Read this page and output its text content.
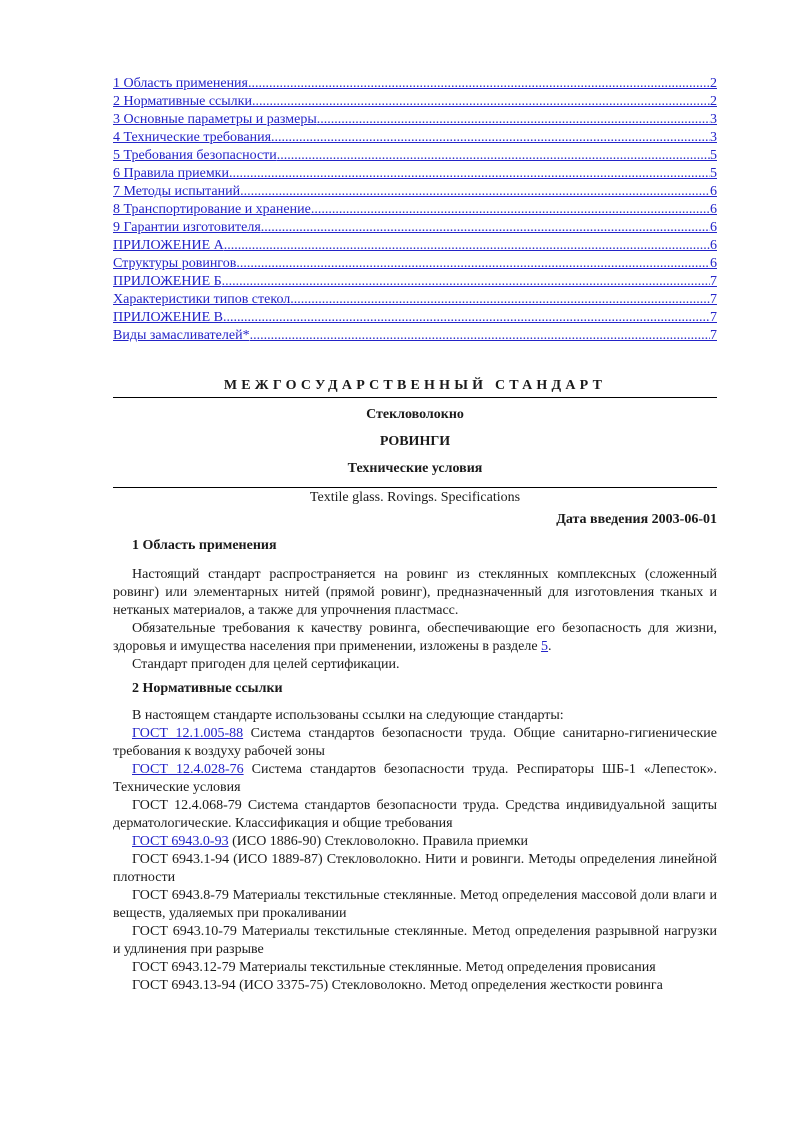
1 Область применения .....	2
2 Нормативные ссылки .....	2
3 Основные параметры и размеры .....	3
4 Технические требования .....	3
5 Требования безопасности .....	5
6 Правила приемки .....	5
7 Методы испытаний .....	6
8 Транспортирование и хранение .....	6
9 Гарантии изготовителя .....	6
ПРИЛОЖЕНИЕ А .....	6
Структуры ровингов .....	6
ПРИЛОЖЕНИЕ Б .....	7
Характеристики типов стекол .....	7
ПРИЛОЖЕНИЕ В .....	7
Виды замасливателей* .....	7
МЕЖГОСУДАРСТВЕННЫЙ СТАНДАРТ
Стекловолокно
РОВИНГИ
Технические условия
Textile glass. Rovings. Specifications
Дата введения 2003-06-01
1 Область применения

Настоящий стандарт распространяется на ровинг из стеклянных комплексных (сложенный ровинг) или элементарных нитей (прямой ровинг), предназначенный для изготовления тканых и нетканых материалов, а также для упрочнения пластмасс.

Обязательные требования к качеству ровинга, обеспечивающие его безопасность для жизни, здоровья и имущества населения при применении, изложены в разделе 5.

Стандарт пригоден для целей сертификации.

2 Нормативные ссылки

В настоящем стандарте использованы ссылки на следующие стандарты:

ГОСТ 12.1.005-88 Система стандартов безопасности труда. Общие санитарно-гигиенические требования к воздуху рабочей зоны

ГОСТ 12.4.028-76 Система стандартов безопасности труда. Респираторы ШБ-1 «Лепесток». Технические условия

ГОСТ 12.4.068-79 Система стандартов безопасности труда. Средства индивидуальной защиты дерматологические. Классификация и общие требования

ГОСТ 6943.0-93 (ИСО 1886-90) Стекловолокно. Правила приемки

ГОСТ 6943.1-94 (ИСО 1889-87) Стекловолокно. Нити и ровинги. Методы определения линейной плотности

ГОСТ 6943.8-79 Материалы текстильные стеклянные. Метод определения массовой доли влаги и веществ, удаляемых при прокаливании

ГОСТ 6943.10-79 Материалы текстильные стеклянные. Метод определения разрывной нагрузки и удлинения при разрыве

ГОСТ 6943.12-79 Материалы текстильные стеклянные. Метод определения провисания

ГОСТ 6943.13-94 (ИСО 3375-75) Стекловолокно. Метод определения жесткости ровинга
